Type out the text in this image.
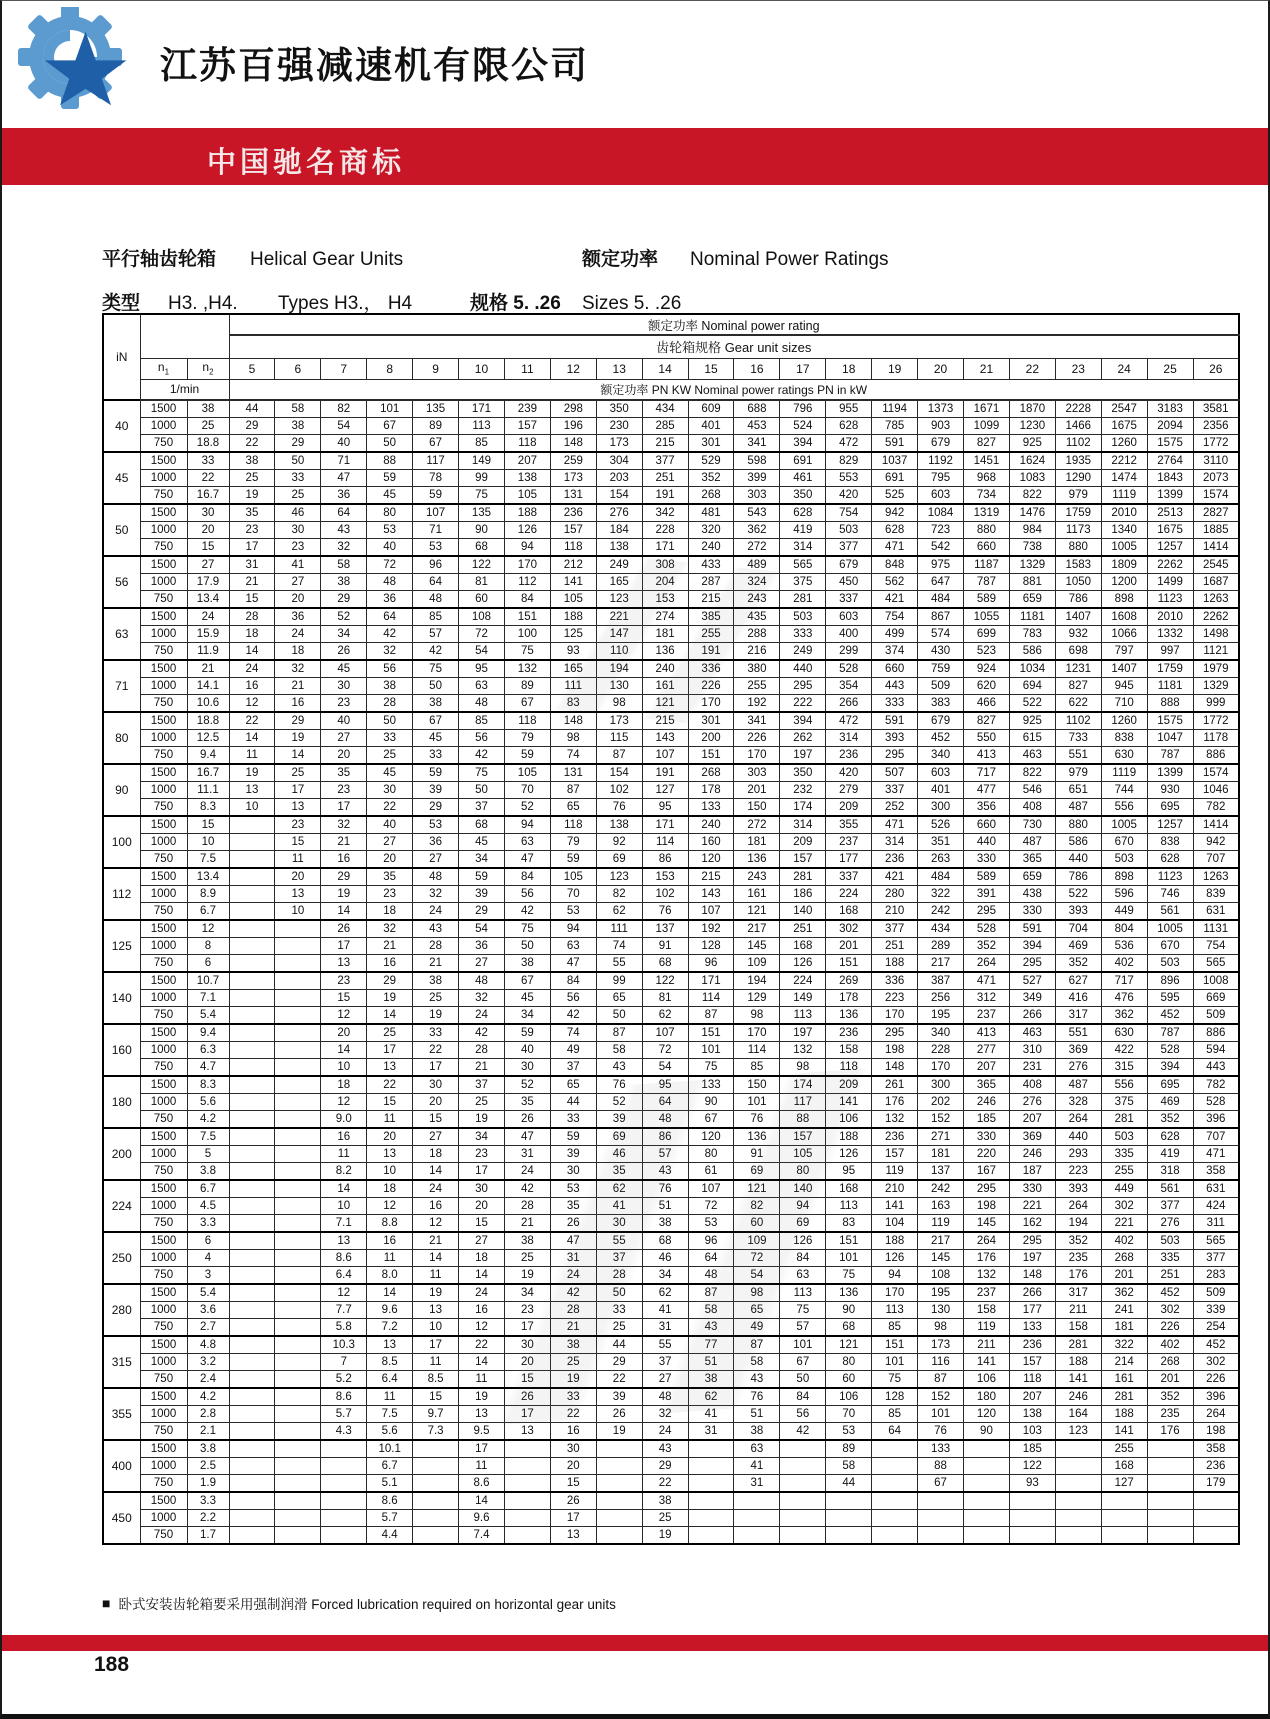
江苏百强减速机有限公司
中国驰名商标
平行轴齿轮箱	Helical Gear Units	额定功率	Nominal Power Ratings
类型	H3. ,H4.	Types H3.， H4	规格 5. .26	Sizes 5. .26
iN			额定功率 Nominal power rating																					
			齿轮箱规格 Gear unit sizes																					
	$n_1$	$n_2$	5	6	7	8	9	10	11	12	13	14	15	16	17	18	19	20	21	22	23	24	25	26
	1/min		额定功率 PN KW Nominal power ratings PN in kW																					
40	1500	38	44	58	82	101	135	171	239	298	350	434	609	688	796	955	1194	1373	1671	1870	2228	2547	3183	3581
	1000	25	29	38	54	67	89	113	157	196	230	285	401	453	524	628	785	903	1099	1230	1466	1675	2094	2356
	750	18.8	22	29	40	50	67	85	118	148	173	215	301	341	394	472	591	679	827	925	1102	1260	1575	1772
45	1500	33	38	50	71	88	117	149	207	259	304	377	529	598	691	829	1037	1192	1451	1624	1935	2212	2764	3110
	1000	22	25	33	47	59	78	99	138	173	203	251	352	399	461	553	691	795	968	1083	1290	1474	1843	2073
	750	16.7	19	25	36	45	59	75	105	131	154	191	268	303	350	420	525	603	734	822	979	1119	1399	1574
50	1500	30	35	46	64	80	107	135	188	236	276	342	481	543	628	754	942	1084	1319	1476	1759	2010	2513	2827
	1000	20	23	30	43	53	71	90	126	157	184	228	320	362	419	503	628	723	880	984	1173	1340	1675	1885
	750	15	17	23	32	40	53	68	94	118	138	171	240	272	314	377	471	542	660	738	880	1005	1257	1414
56	1500	27	31	41	58	72	96	122	170	212	249	308	433	489	565	679	848	975	1187	1329	1583	1809	2262	2545
	1000	17.9	21	27	38	48	64	81	112	141	165	204	287	324	375	450	562	647	787	881	1050	1200	1499	1687
	750	13.4	15	20	29	36	48	60	84	105	123	153	215	243	281	337	421	484	589	659	786	898	1123	1263
63	1500	24	28	36	52	64	85	108	151	188	221	274	385	435	503	603	754	867	1055	1181	1407	1608	2010	2262
	1000	15.9	18	24	34	42	57	72	100	125	147	181	255	288	333	400	499	574	699	783	932	1066	1332	1498
	750	11.9	14	18	26	32	42	54	75	93	110	136	191	216	249	299	374	430	523	586	698	797	997	1121
71	1500	21	24	32	45	56	75	95	132	165	194	240	336	380	440	528	660	759	924	1034	1231	1407	1759	1979
	1000	14.1	16	21	30	38	50	63	89	111	130	161	226	255	295	354	443	509	620	694	827	945	1181	1329
	750	10.6	12	16	23	28	38	48	67	83	98	121	170	192	222	266	333	383	466	522	622	710	888	999
80	1500	18.8	22	29	40	50	67	85	118	148	173	215	301	341	394	472	591	679	827	925	1102	1260	1575	1772
	1000	12.5	14	19	27	33	45	56	79	98	115	143	200	226	262	314	393	452	550	615	733	838	1047	1178
	750	9.4	11	14	20	25	33	42	59	74	87	107	151	170	197	236	295	340	413	463	551	630	787	886
90	1500	16.7	19	25	35	45	59	75	105	131	154	191	268	303	350	420	507	603	717	822	979	1119	1399	1574
	1000	11.1	13	17	23	30	39	50	70	87	102	127	178	201	232	279	337	401	477	546	651	744	930	1046
	750	8.3	10	13	17	22	29	37	52	65	76	95	133	150	174	209	252	300	356	408	487	556	695	782
100	1500	15		23	32	40	53	68	94	118	138	171	240	272	314	355	471	526	660	730	880	1005	1257	1414
	1000	10		15	21	27	36	45	63	79	92	114	160	181	209	237	314	351	440	487	586	670	838	942
	750	7.5		11	16	20	27	34	47	59	69	86	120	136	157	177	236	263	330	365	440	503	628	707
112	1500	13.4		20	29	35	48	59	84	105	123	153	215	243	281	337	421	484	589	659	786	898	1123	1263
	1000	8.9		13	19	23	32	39	56	70	82	102	143	161	186	224	280	322	391	438	522	596	746	839
	750	6.7		10	14	18	24	29	42	53	62	76	107	121	140	168	210	242	295	330	393	449	561	631
125	1500	12			26	32	43	54	75	94	111	137	192	217	251	302	377	434	528	591	704	804	1005	1131
	1000	8			17	21	28	36	50	63	74	91	128	145	168	201	251	289	352	394	469	536	670	754
	750	6			13	16	21	27	38	47	55	68	96	109	126	151	188	217	264	295	352	402	503	565
140	1500	10.7			23	29	38	48	67	84	99	122	171	194	224	269	336	387	471	527	627	717	896	1008
	1000	7.1			15	19	25	32	45	56	65	81	114	129	149	178	223	256	312	349	416	476	595	669
	750	5.4			12	14	19	24	34	42	50	62	87	98	113	136	170	195	237	266	317	362	452	509
160	1500	9.4			20	25	33	42	59	74	87	107	151	170	197	236	295	340	413	463	551	630	787	886
	1000	6.3			14	17	22	28	40	49	58	72	101	114	132	158	198	228	277	310	369	422	528	594
	750	4.7			10	13	17	21	30	37	43	54	75	85	98	118	148	170	207	231	276	315	394	443
180	1500	8.3			18	22	30	37	52	65	76	95	133	150	174	209	261	300	365	408	487	556	695	782
	1000	5.6			12	15	20	25	35	44	52	64	90	101	117	141	176	202	246	276	328	375	469	528
	750	4.2			9.0	11	15	19	26	33	39	48	67	76	88	106	132	152	185	207	264	281	352	396
200	1500	7.5			16	20	27	34	47	59	69	86	120	136	157	188	236	271	330	369	440	503	628	707
	1000	5			11	13	18	23	31	39	46	57	80	91	105	126	157	181	220	246	293	335	419	471
	750	3.8			8.2	10	14	17	24	30	35	43	61	69	80	95	119	137	167	187	223	255	318	358
224	1500	6.7			14	18	24	30	42	53	62	76	107	121	140	168	210	242	295	330	393	449	561	631
	1000	4.5			10	12	16	20	28	35	41	51	72	82	94	113	141	163	198	221	264	302	377	424
	750	3.3			7.1	8.8	12	15	21	26	30	38	53	60	69	83	104	119	145	162	194	221	276	311
250	1500	6			13	16	21	27	38	47	55	68	96	109	126	151	188	217	264	295	352	402	503	565
	1000	4			8.6	11	14	18	25	31	37	46	64	72	84	101	126	145	176	197	235	268	335	377
	750	3			6.4	8.0	11	14	19	24	28	34	48	54	63	75	94	108	132	148	176	201	251	283
280	1500	5.4			12	14	19	24	34	42	50	62	87	98	113	136	170	195	237	266	317	362	452	509
	1000	3.6			7.7	9.6	13	16	23	28	33	41	58	65	75	90	113	130	158	177	211	241	302	339
	750	2.7			5.8	7.2	10	12	17	21	25	31	43	49	57	68	85	98	119	133	158	181	226	254
315	1500	4.8			10.3	13	17	22	30	38	44	55	77	87	101	121	151	173	211	236	281	322	402	452
	1000	3.2			7	8.5	11	14	20	25	29	37	51	58	67	80	101	116	141	157	188	214	268	302
	750	2.4			5.2	6.4	8.5	11	15	19	22	27	38	43	50	60	75	87	106	118	141	161	201	226
355	1500	4.2			8.6	11	15	19	26	33	39	48	62	76	84	106	128	152	180	207	246	281	352	396
	1000	2.8			5.7	7.5	9.7	13	17	22	26	32	41	51	56	70	85	101	120	138	164	188	235	264
	750	2.1			4.3	5.6	7.3	9.5	13	16	19	24	31	38	42	53	64	76	90	103	123	141	176	198
400	1500	3.8				10.1		17		30		43		63		89		133		185		255		358
	1000	2.5				6.7		11		20		29		41		58		88		122		168		236
	750	1.9				5.1		8.6		15		22		31		44		67		93		127		179
450	1500	3.3				8.6		14		26		38												
	1000	2.2				5.7		9.6		17		25												
	750	1.7				4.4		7.4		13		19												
■ 卧式安装齿轮箱要采用强制润滑 Forced lubrication required on horizontal gear units
188
